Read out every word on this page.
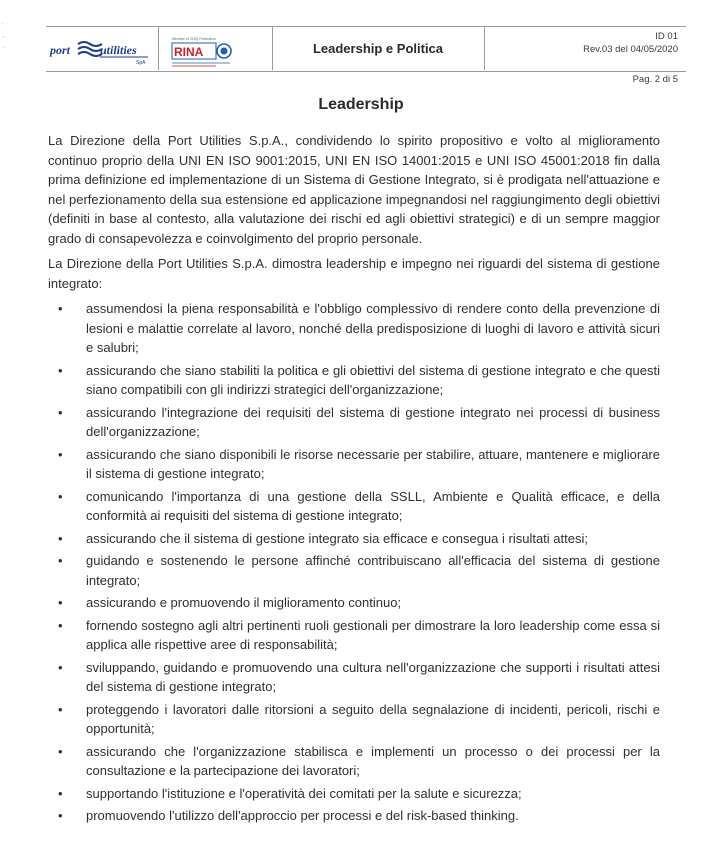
'
-
.	port utilities
SpA
Member of CISQ Federation
RINA	Leadership e Politica
ID 01
Rev.03 del 04/05/2020
Pag. 2 di 5
Leadership

La Direzione della Port Utilities S.p.A., condividendo lo spirito propositivo e volto al miglioramento continuo proprio della UNI EN ISO 9001:2015, UNI EN ISO 14001:2015 e UNI ISO 45001:2018 fin dalla prima definizione ed implementazione di un Sistema di Gestione Integrato, si è prodigata nell'attuazione e nel perfezionamento della sua estensione ed applicazione impegnandosi nel raggiungimento degli obiettivi (definiti in base al contesto, alla valutazione dei rischi ed agli obiettivi strategici) e di un sempre maggior grado di consapevolezza e coinvolgimento del proprio personale.

La Direzione della Port Utilities S.p.A. dimostra leadership e impegno nei riguardi del sistema di gestione integrato:

• assumendosi la piena responsabilità e l'obbligo complessivo di rendere conto della prevenzione di lesioni e malattie correlate al lavoro, nonché della predisposizione di luoghi di lavoro e attività sicuri e salubri;
• assicurando che siano stabiliti la politica e gli obiettivi del sistema di gestione integrato e che questi siano compatibili con gli indirizzi strategici dell'organizzazione;
• assicurando l'integrazione dei requisiti del sistema di gestione integrato nei processi di business dell'organizzazione;
• assicurando che siano disponibili le risorse necessarie per stabilire, attuare, mantenere e migliorare il sistema di gestione integrato;
• comunicando l'importanza di una gestione della SSLL, Ambiente e Qualità efficace, e della conformità ai requisiti del sistema di gestione integrato;
• assicurando che il sistema di gestione integrato sia efficace e consegua i risultati attesi;
• guidando e sostenendo le persone affinché contribuiscano all'efficacia del sistema di gestione integrato;
• assicurando e promuovendo il miglioramento continuo;
• fornendo sostegno agli altri pertinenti ruoli gestionali per dimostrare la loro leadership come essa si applica alle rispettive aree di responsabilità;
• sviluppando, guidando e promuovendo una cultura nell'organizzazione che supporti i risultati attesi del sistema di gestione integrato;
• proteggendo i lavoratori dalle ritorsioni a seguito della segnalazione di incidenti, pericoli, rischi e opportunità;
• assicurando che l'organizzazione stabilisca e implementi un processo o dei processi per la consultazione e la partecipazione dei lavoratori;
• supportando l'istituzione e l'operatività dei comitati per la salute e sicurezza;
• promuovendo l'utilizzo dell'approccio per processi e del risk-based thinking.
